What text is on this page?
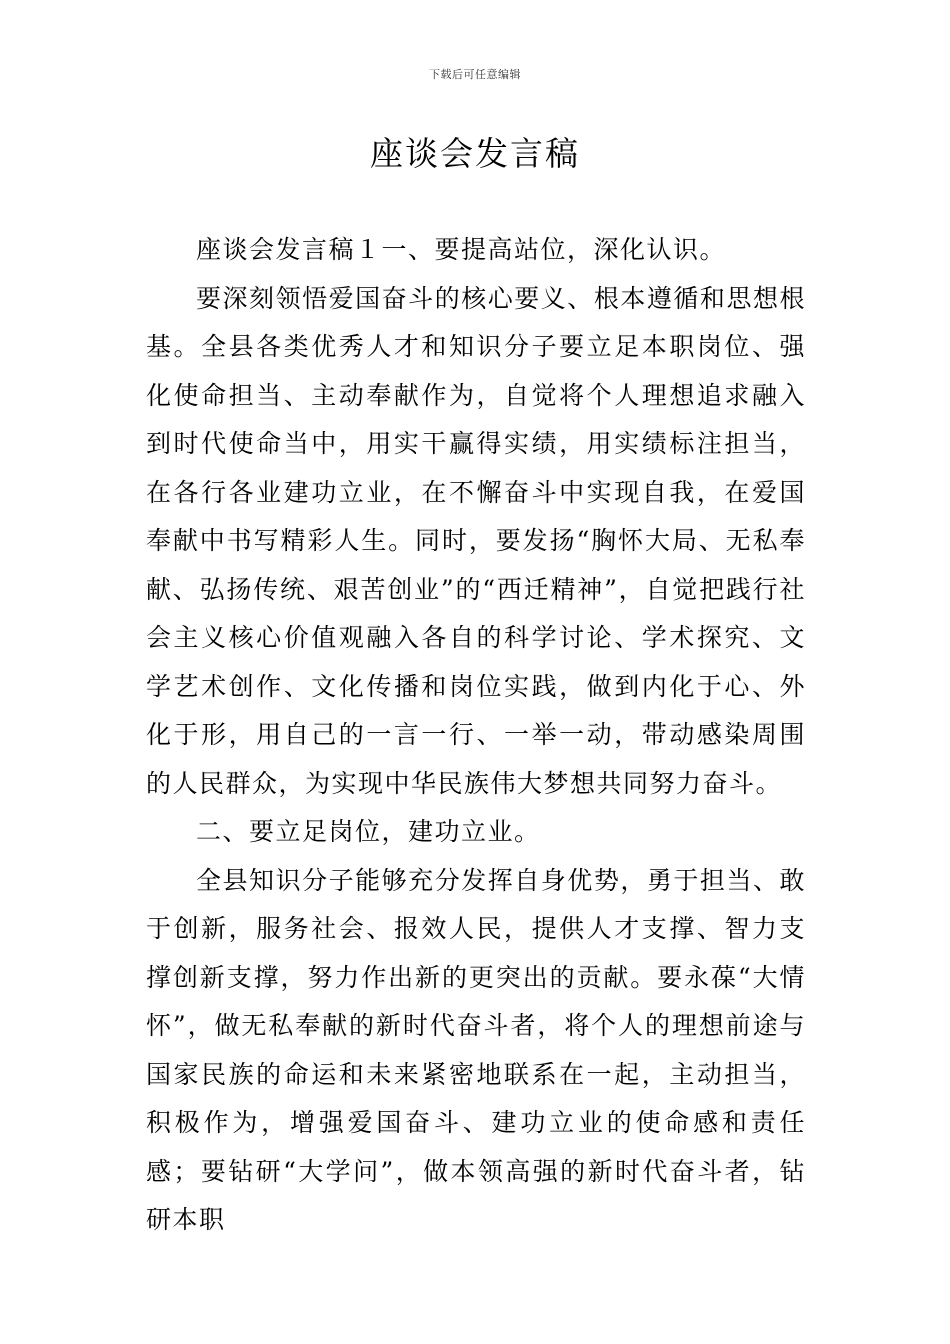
下载后可任意编辑
座谈会发言稿

座谈会发言稿１一、要提高站位，深化认识。

要深刻领悟爱国奋斗的核心要义、根本遵循和思想根基。全县各类优秀人才和知识分子要立足本职岗位、强化使命担当、主动奉献作为，自觉将个人理想追求融入到时代使命当中，用实干赢得实绩，用实绩标注担当，在各行各业建功立业，在不懈奋斗中实现自我，在爱国奉献中书写精彩人生。同时，要发扬“胸怀大局、无私奉献、弘扬传统、艰苦创业”的“西迁精神”，自觉把践行社会主义核心价值观融入各自的科学讨论、学术探究、文学艺术创作、文化传播和岗位实践，做到内化于心、外化于形，用自己的一言一行、一举一动，带动感染周围的人民群众，为实现中华民族伟大梦想共同努力奋斗。

二、要立足岗位，建功立业。

全县知识分子能够充分发挥自身优势，勇于担当、敢于创新，服务社会、报效人民，提供人才支撑、智力支撑创新支撑，努力作出新的更突出的贡献。要永葆“大情怀”，做无私奉献的新时代奋斗者，将个人的理想前途与国家民族的命运和未来紧密地联系在一起，主动担当，积极作为，增强爱国奋斗、建功立业的使命感和责任感；要钻研“大学问”，做本领高强的新时代奋斗者，钻研本职
